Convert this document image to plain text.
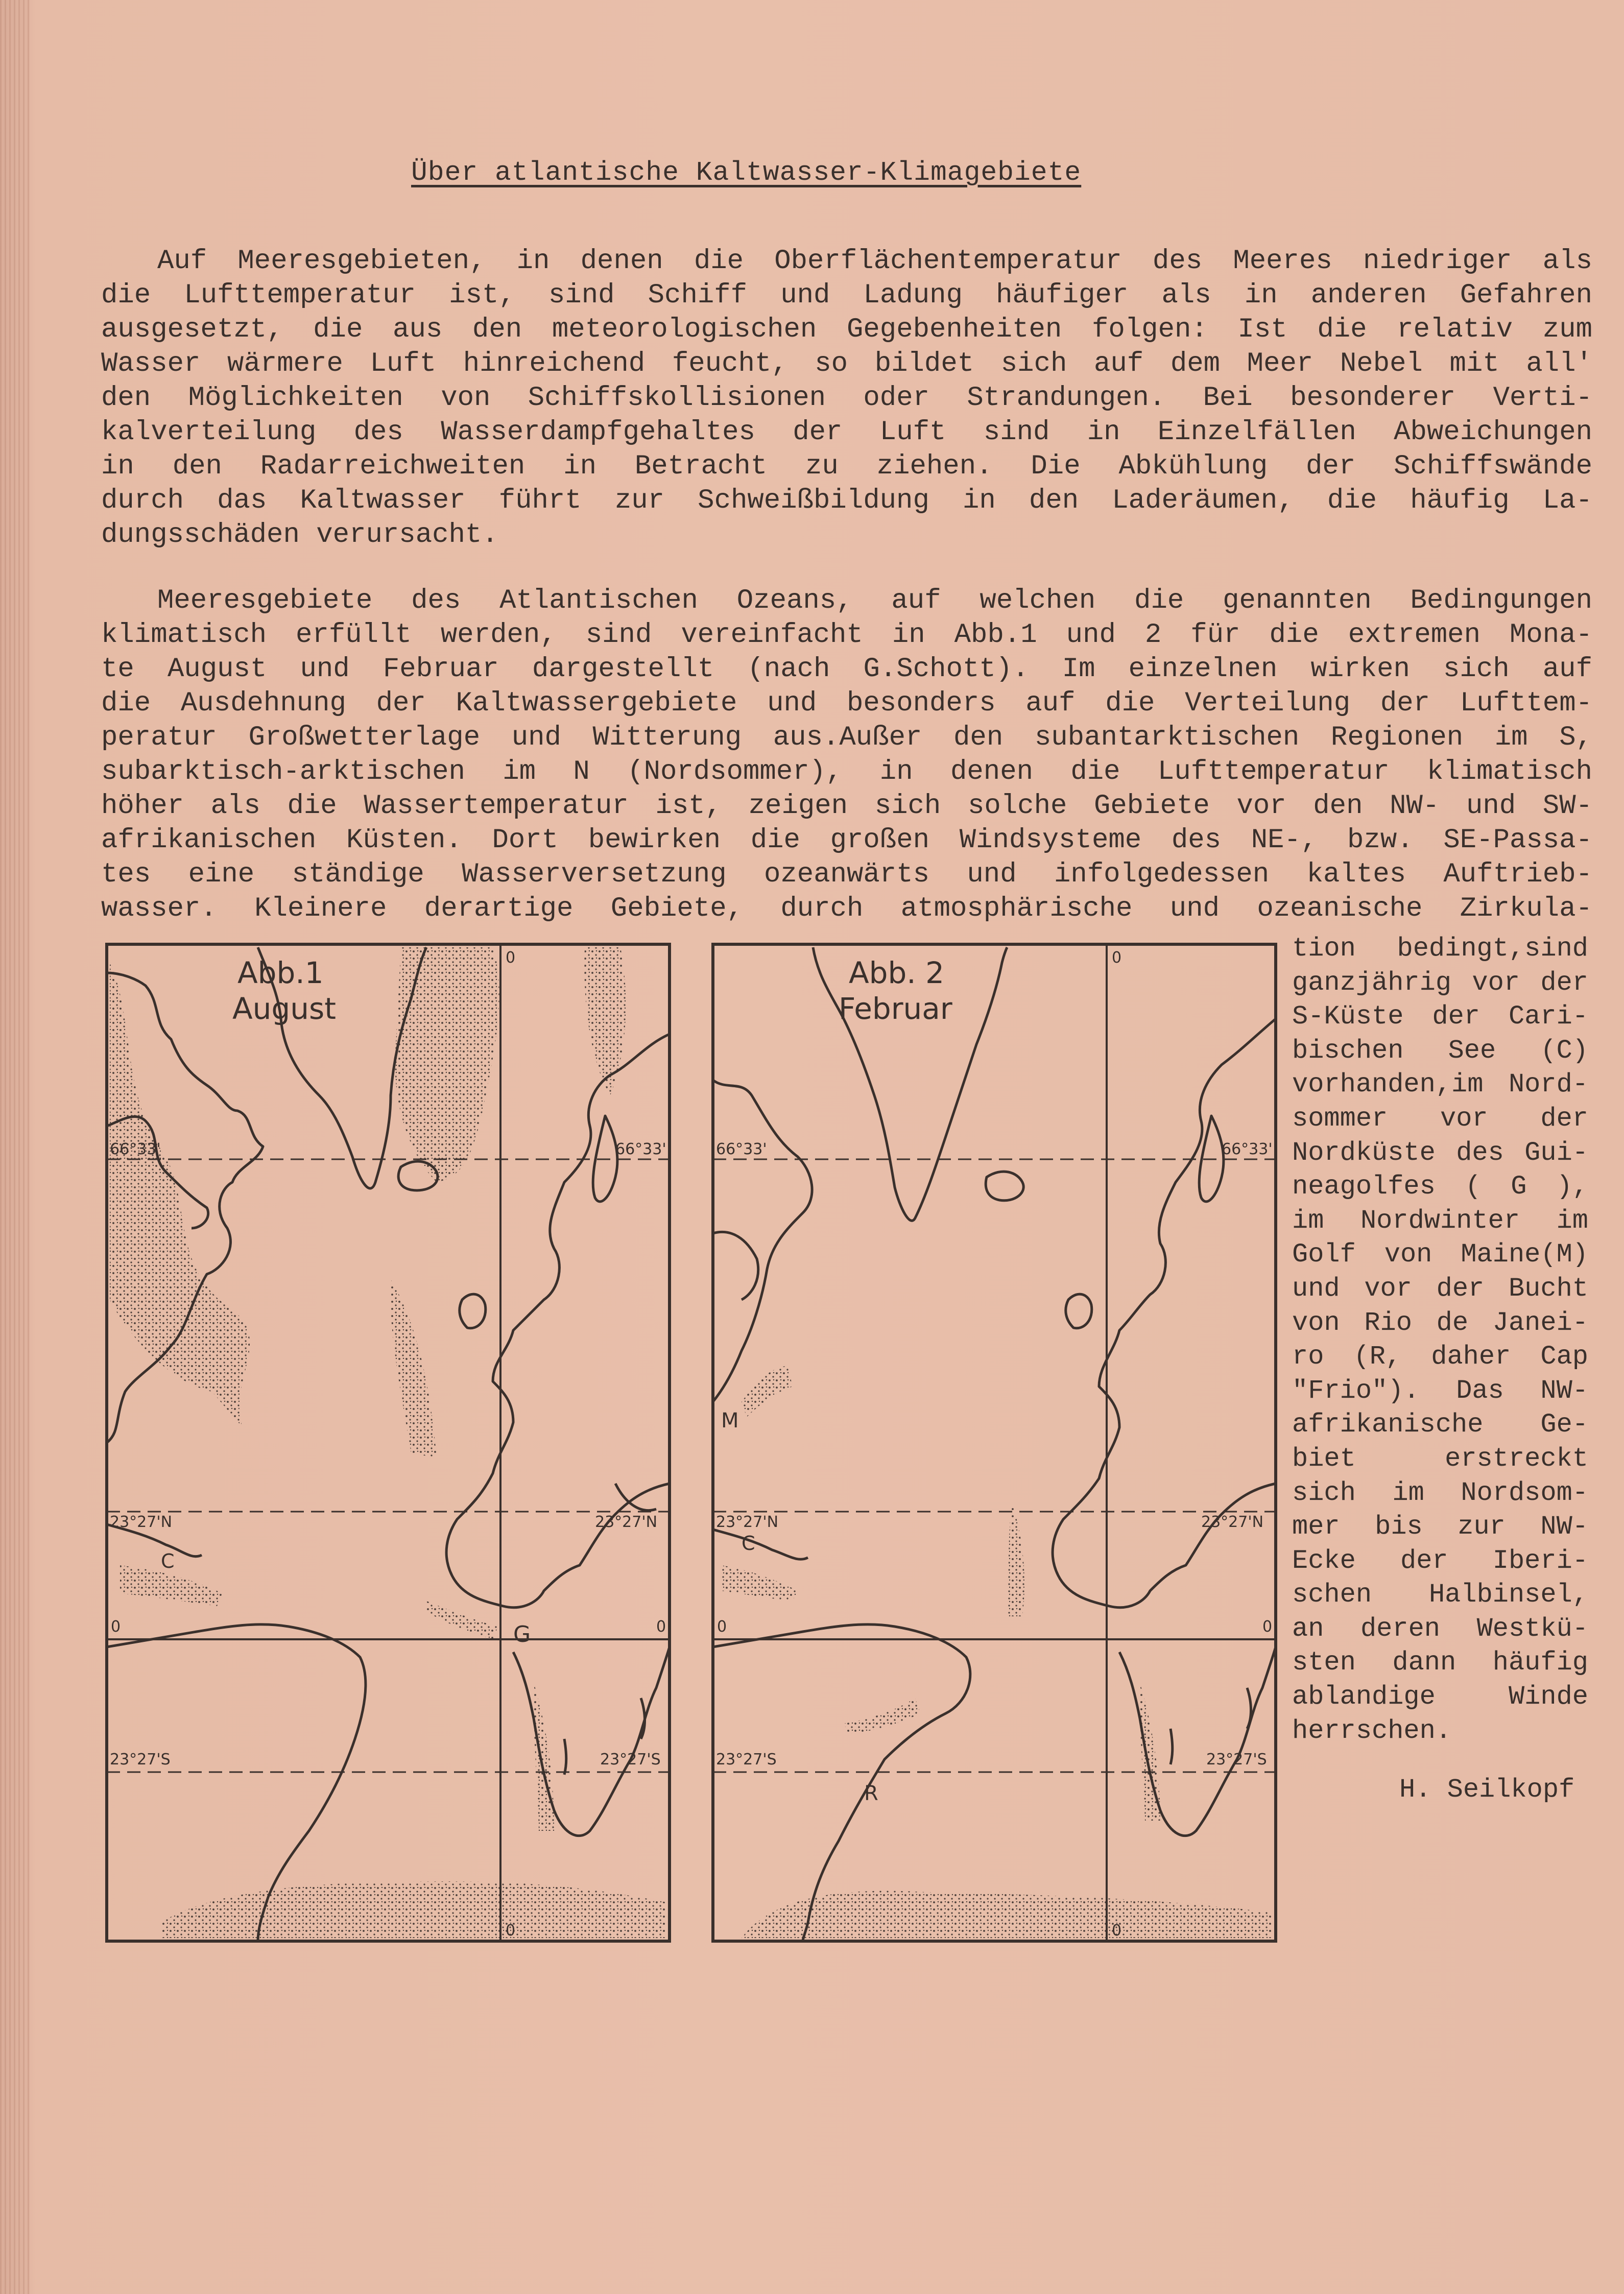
Über atlantische Kaltwasser-Klimagebiete
Auf Meeresgebieten, in denen die Oberflächentemperatur des Meeres niedriger als
die Lufttemperatur ist, sind Schiff und Ladung häufiger als in anderen Gefahren
ausgesetzt, die aus den meteorologischen Gegebenheiten folgen: Ist die relativ zum
Wasser wärmere Luft hinreichend feucht, so bildet sich auf dem Meer Nebel mit all'
den Möglichkeiten von Schiffskollisionen oder Strandungen. Bei besonderer Verti-
kalverteilung des Wasserdampfgehaltes der Luft sind in Einzelfällen Abweichungen
in den Radarreichweiten in Betracht zu ziehen. Die Abkühlung der Schiffswände
durch das Kaltwasser führt zur Schweißbildung in den Laderäumen, die häufig La-
dungsschäden verursacht.
Meeresgebiete des Atlantischen Ozeans, auf welchen die genannten Bedingungen
klimatisch erfüllt werden, sind vereinfacht in Abb.1 und 2 für die extremen Mona-
te August und Februar dargestellt (nach G.Schott). Im einzelnen wirken sich auf
die Ausdehnung der Kaltwassergebiete und besonders auf die Verteilung der Lufttem-
peratur Großwetterlage und Witterung aus.Außer den subantarktischen Regionen im S,
subarktisch-arktischen im N (Nordsommer), in denen die Lufttemperatur klimatisch
höher als die Wassertemperatur ist, zeigen sich solche Gebiete vor den NW- und SW-
afrikanischen Küsten. Dort bewirken die großen Windsysteme des NE-, bzw. SE-Passa-
tes eine ständige Wasserversetzung ozeanwärts und infolgedessen kaltes Auftrieb-
wasser. Kleinere derartige Gebiete, durch atmosphärische und ozeanische Zirkula-
tion bedingt,sind
ganzjährig vor der
S-Küste der Cari-
bischen See (C)
vorhanden,im Nord-
sommer vor der
Nordküste des Gui-
neagolfes ( G ),
im Nordwinter im
Golf von Maine(M)
und vor der Bucht
von Rio de Janei-
ro (R, daher Cap
"Frio"). Das NW-
afrikanische Ge-
biet erstreckt
sich im Nordsom-
mer bis zur NW-
Ecke der Iberi-
schen Halbinsel,
an deren Westkü-
sten dann häufig
ablandige Winde
herrschen.
H. Seilkopf
Abb.1
August
66°33'	66°33'
23°27'N	23°27'N
23°27'S	23°27'S
0	0
0
0
C
G
Abb. 2
Februar
66°33'	66°33'
23°27'N	23°27'N
23°27'S	23°27'S
0	0
0
0
M
C
R
